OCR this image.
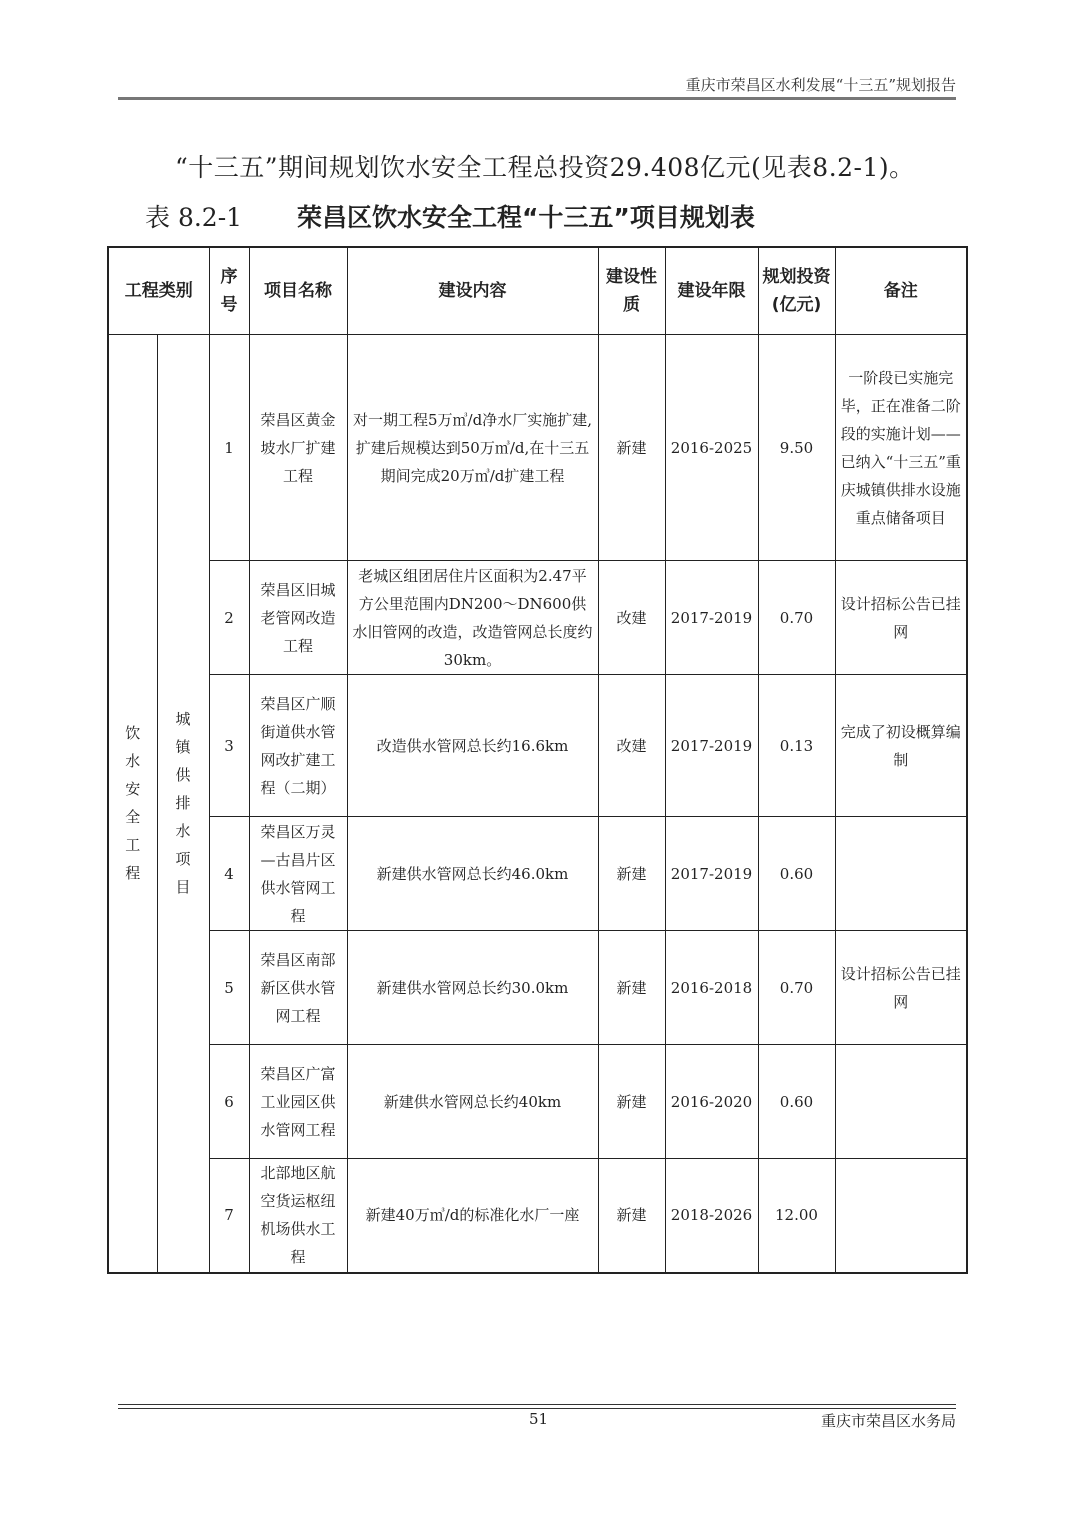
重庆市荣昌区水利发展“十三五”规划报告
“十三五”期间规划饮水安全工程总投资29.408亿元(见表8.2-1)。
表 8.2-1 荣昌区饮水安全工程“十三五”项目规划表
工程类别		序号	项目名称	建设内容	建设性质	建设年限	规划投资(亿元)	备注
饮水安全工程	城镇供排水项目	1	荣昌区黄金坡水厂扩建工程	对一期工程5万㎥/d净水厂实施扩建,扩建后规模达到50万㎥/d,在十三五期间完成20万㎥/d扩建工程	新建	2016-2025	9.50	一阶段已实施完毕，正在准备二阶段的实施计划——已纳入“十三五”重庆城镇供排水设施重点储备项目
		2	荣昌区旧城老管网改造工程	老城区组团居住片区面积为2.47平方公里范围内DN200～DN600供水旧管网的改造，改造管网总长度约30km。	改建	2017-2019	0.70	设计招标公告已挂网
		3	荣昌区广顺街道供水管网改扩建工程（二期）	改造供水管网总长约16.6km	改建	2017-2019	0.13	完成了初设概算编制
		4	荣昌区万灵—古昌片区供水管网工程	新建供水管网总长约46.0km	新建	2017-2019	0.60	
		5	荣昌区南部新区供水管网工程	新建供水管网总长约30.0km	新建	2016-2018	0.70	设计招标公告已挂网
		6	荣昌区广富工业园区供水管网工程	新建供水管网总长约40km	新建	2016-2020	0.60	
		7	北部地区航空货运枢纽机场供水工程	新建40万㎥/d的标准化水厂一座	新建	2018-2026	12.00	
51	重庆市荣昌区水务局
